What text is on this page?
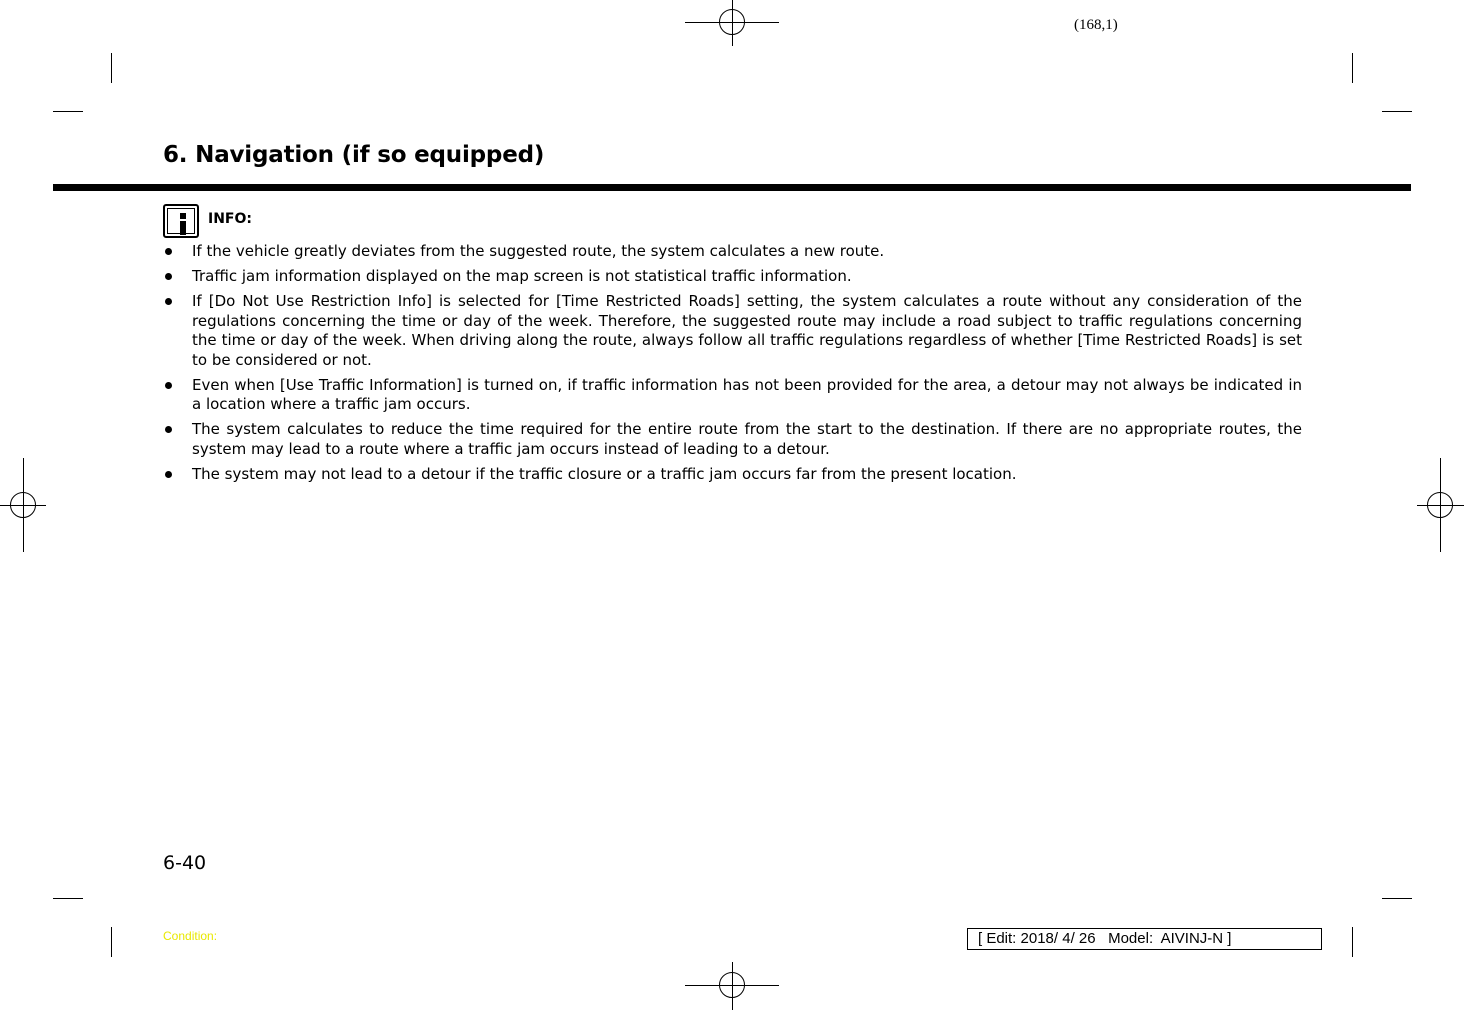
(168,1)
6. Navigation (if so equipped)
INFO:
If the vehicle greatly deviates from the suggested route, the system calculates a new route.
Traffic jam information displayed on the map screen is not statistical traffic information.
If [Do Not Use Restriction Info] is selected for [Time Restricted Roads] setting, the system calculates a route without any consideration of the regulations concerning the time or day of the week. Therefore, the suggested route may include a road subject to traffic regulations concerning the time or day of the week. When driving along the route, always follow all traffic regulations regardless of whether [Time Restricted Roads] is set to be considered or not.
Even when [Use Traffic Information] is turned on, if traffic information has not been provided for the area, a detour may not always be indicated in a location where a traffic jam occurs.
The system calculates to reduce the time required for the entire route from the start to the destination. If there are no appropriate routes, the system may lead to a route where a traffic jam occurs instead of leading to a detour.
The system may not lead to a detour if the traffic closure or a traffic jam occurs far from the present location.
6-40
Condition:	[ Edit: 2018/ 4/ 26   Model:  AIVINJ-N ]
